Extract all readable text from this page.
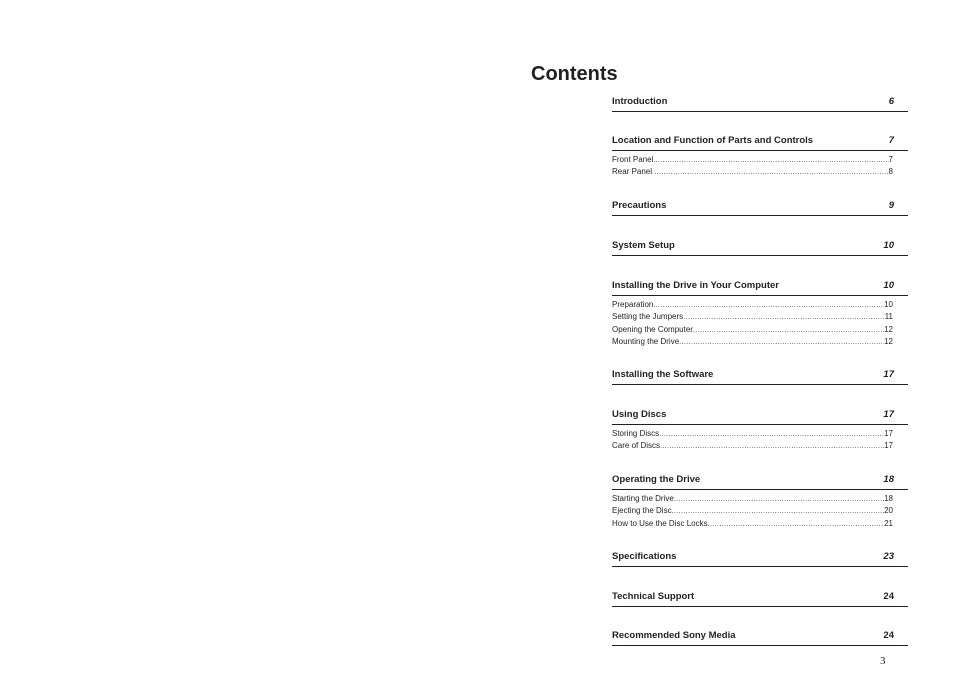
Contents
Introduction	6
Location and Function of Parts and Controls	7
Front Panel .....	7
Rear Panel .....	8
Precautions	9
System Setup	10
Installing the Drive in Your Computer	10
Preparation .....	10
Setting the Jumpers .....	11
Opening the Computer .....	12
Mounting the Drive .....	12
Installing the Software	17
Using Discs	17
Storing Discs .....	17
Care of Discs .....	17
Operating the Drive	18
Starting the Drive .....	18
Ejecting the Disc .....	20
How to Use the Disc Locks .....	21
Specifications	23
Technical Support	24
Recommended Sony Media	24
3
